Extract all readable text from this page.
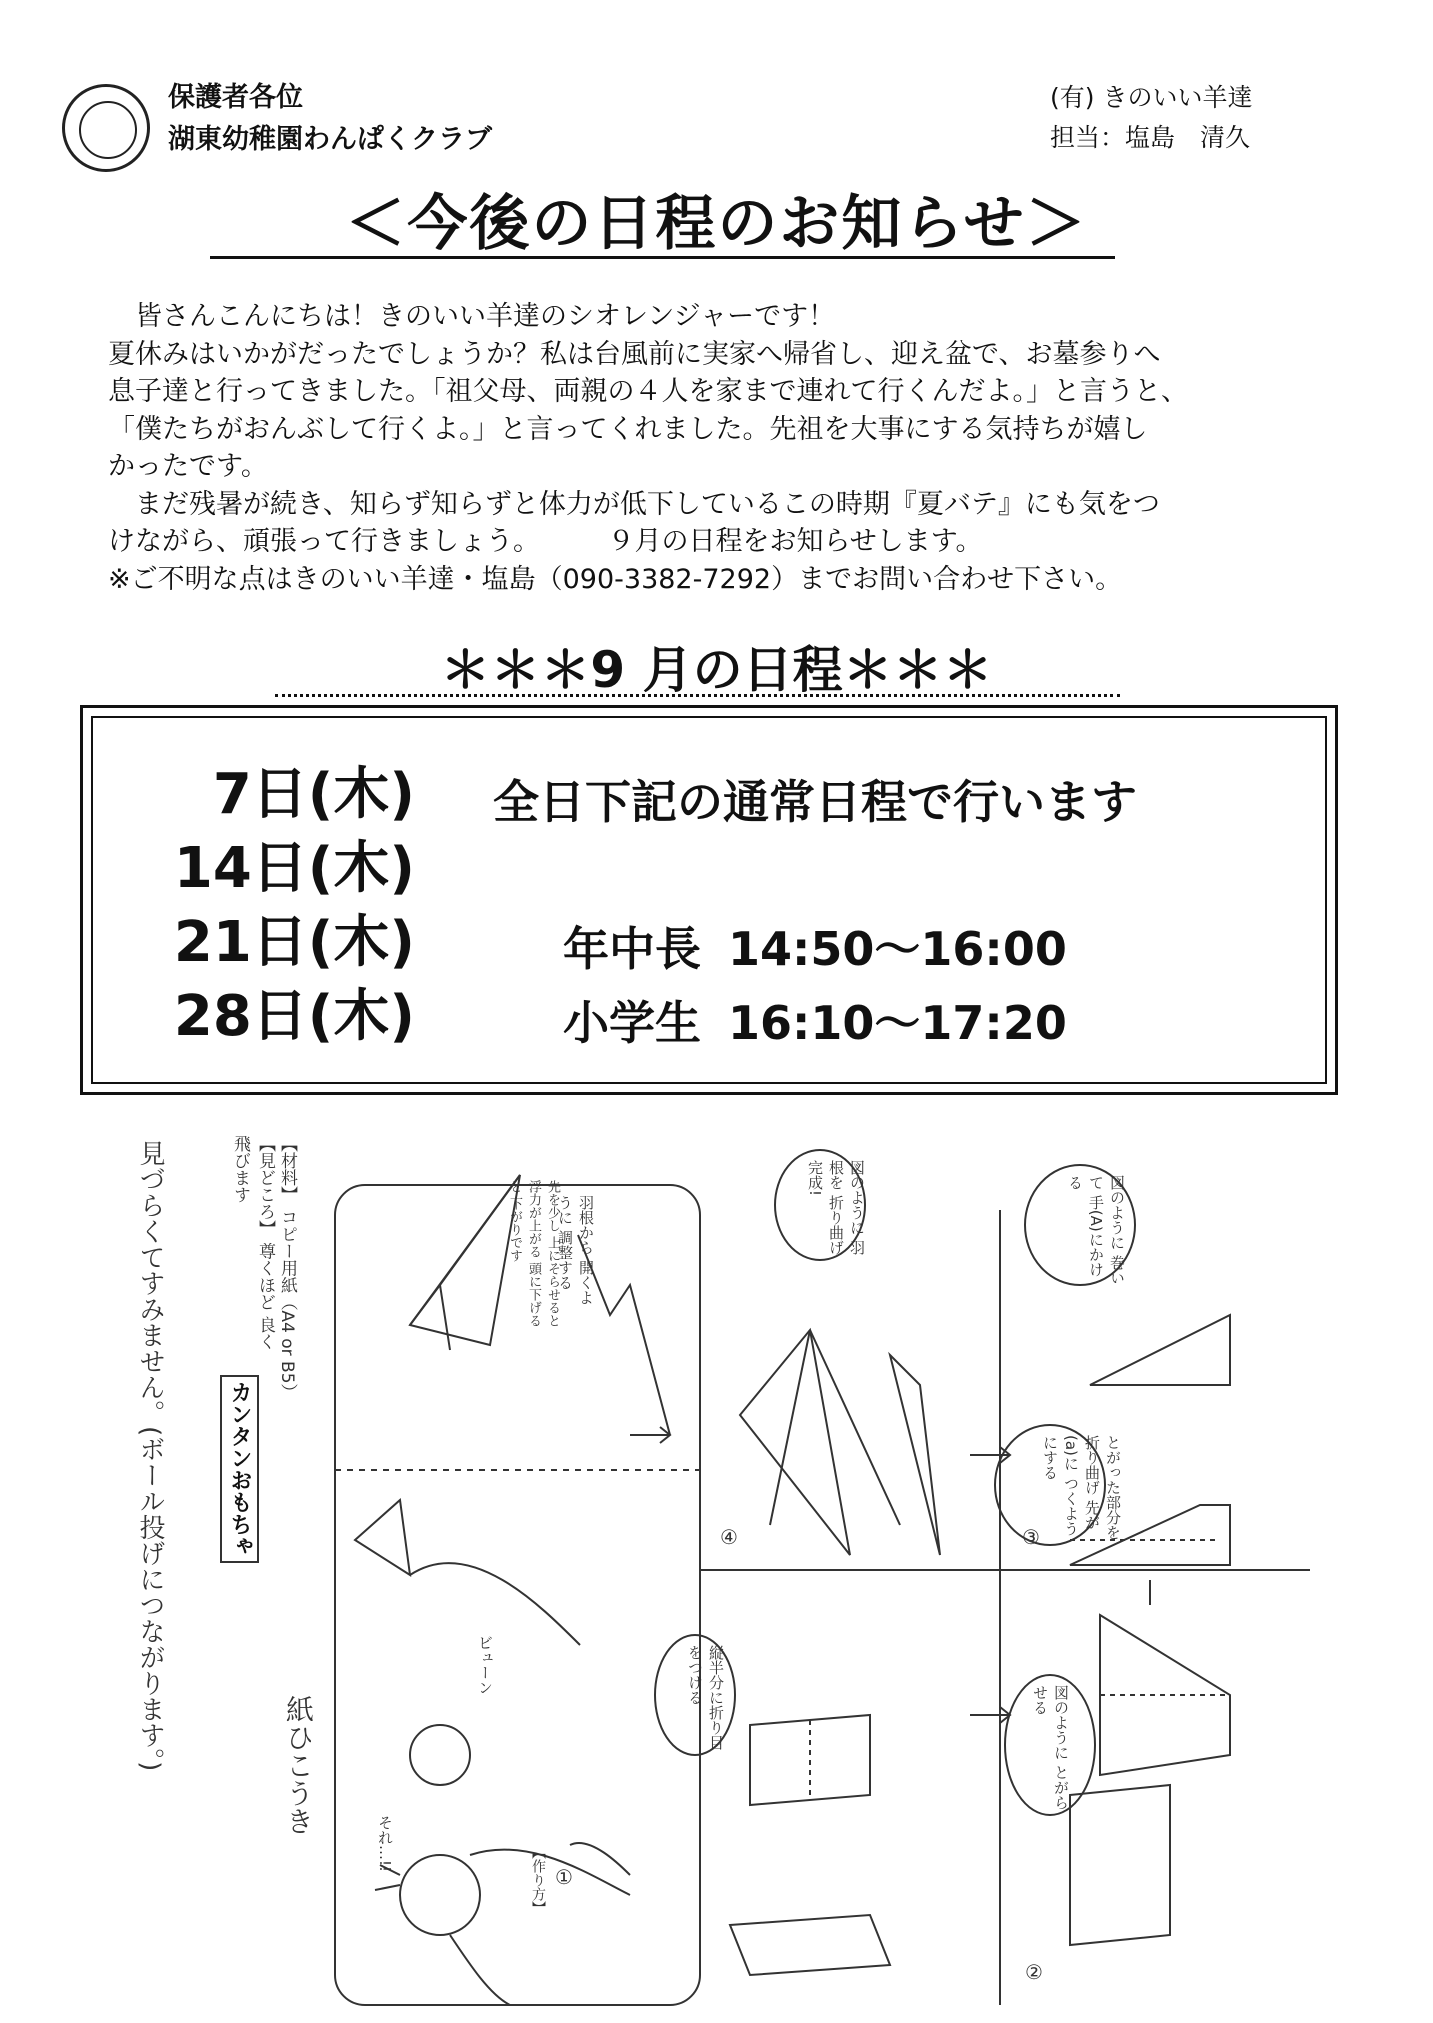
保護者各位
湖東幼稚園わんぱくクラブ
(有) きのいい羊達
担当：塩島　清久
＜今後の日程のお知らせ＞

　皆さんこんにちは！きのいい羊達のシオレンジャーです！

夏休みはいかがだったでしょうか？私は台風前に実家へ帰省し、迎え盆で、お墓参りへ

息子達と行ってきました。「祖父母、両親の４人を家まで連れて行くんだよ。」と言うと、

「僕たちがおんぶして行くよ。」と言ってくれました。先祖を大事にする気持ちが嬉し

かったです。

　まだ残暑が続き、知らず知らずと体力が低下しているこの時期『夏バテ』にも気をつ

けながら、頑張って行きましょう。　　　９月の日程をお知らせします。

※ご不明な点はきのいい羊達・塩島（090-3382-7292）までお問い合わせ下さい。

＊＊＊9 月の日程＊＊＊
7日(木)
14日(木)
21日(木)
28日(木)
全日下記の通常日程で行います
年中長 14:50～16:00
小学生 16:10～17:20
見づらくてすみません。(ボール投げにつながります。)	カンタンおもちゃ
紙ひこうき
【見どころ】 尊くほど 良く飛びます	【材料】 コピー用紙（A4 or B5）
【作り方】 ①
②
③
④
それ…!!
縦半分に折り目をつける
図のように とがらせる
とがった部分を 折り曲げ 先が(a)に つくようにする
図のように 巻いて 手(A)にかける
図のように 羽根を 折り曲げ 完成!
羽根から 開くように 調整する
先を少し 上にそらせると 浮力が上がる 頭に下げると 下がりです
ビューン
